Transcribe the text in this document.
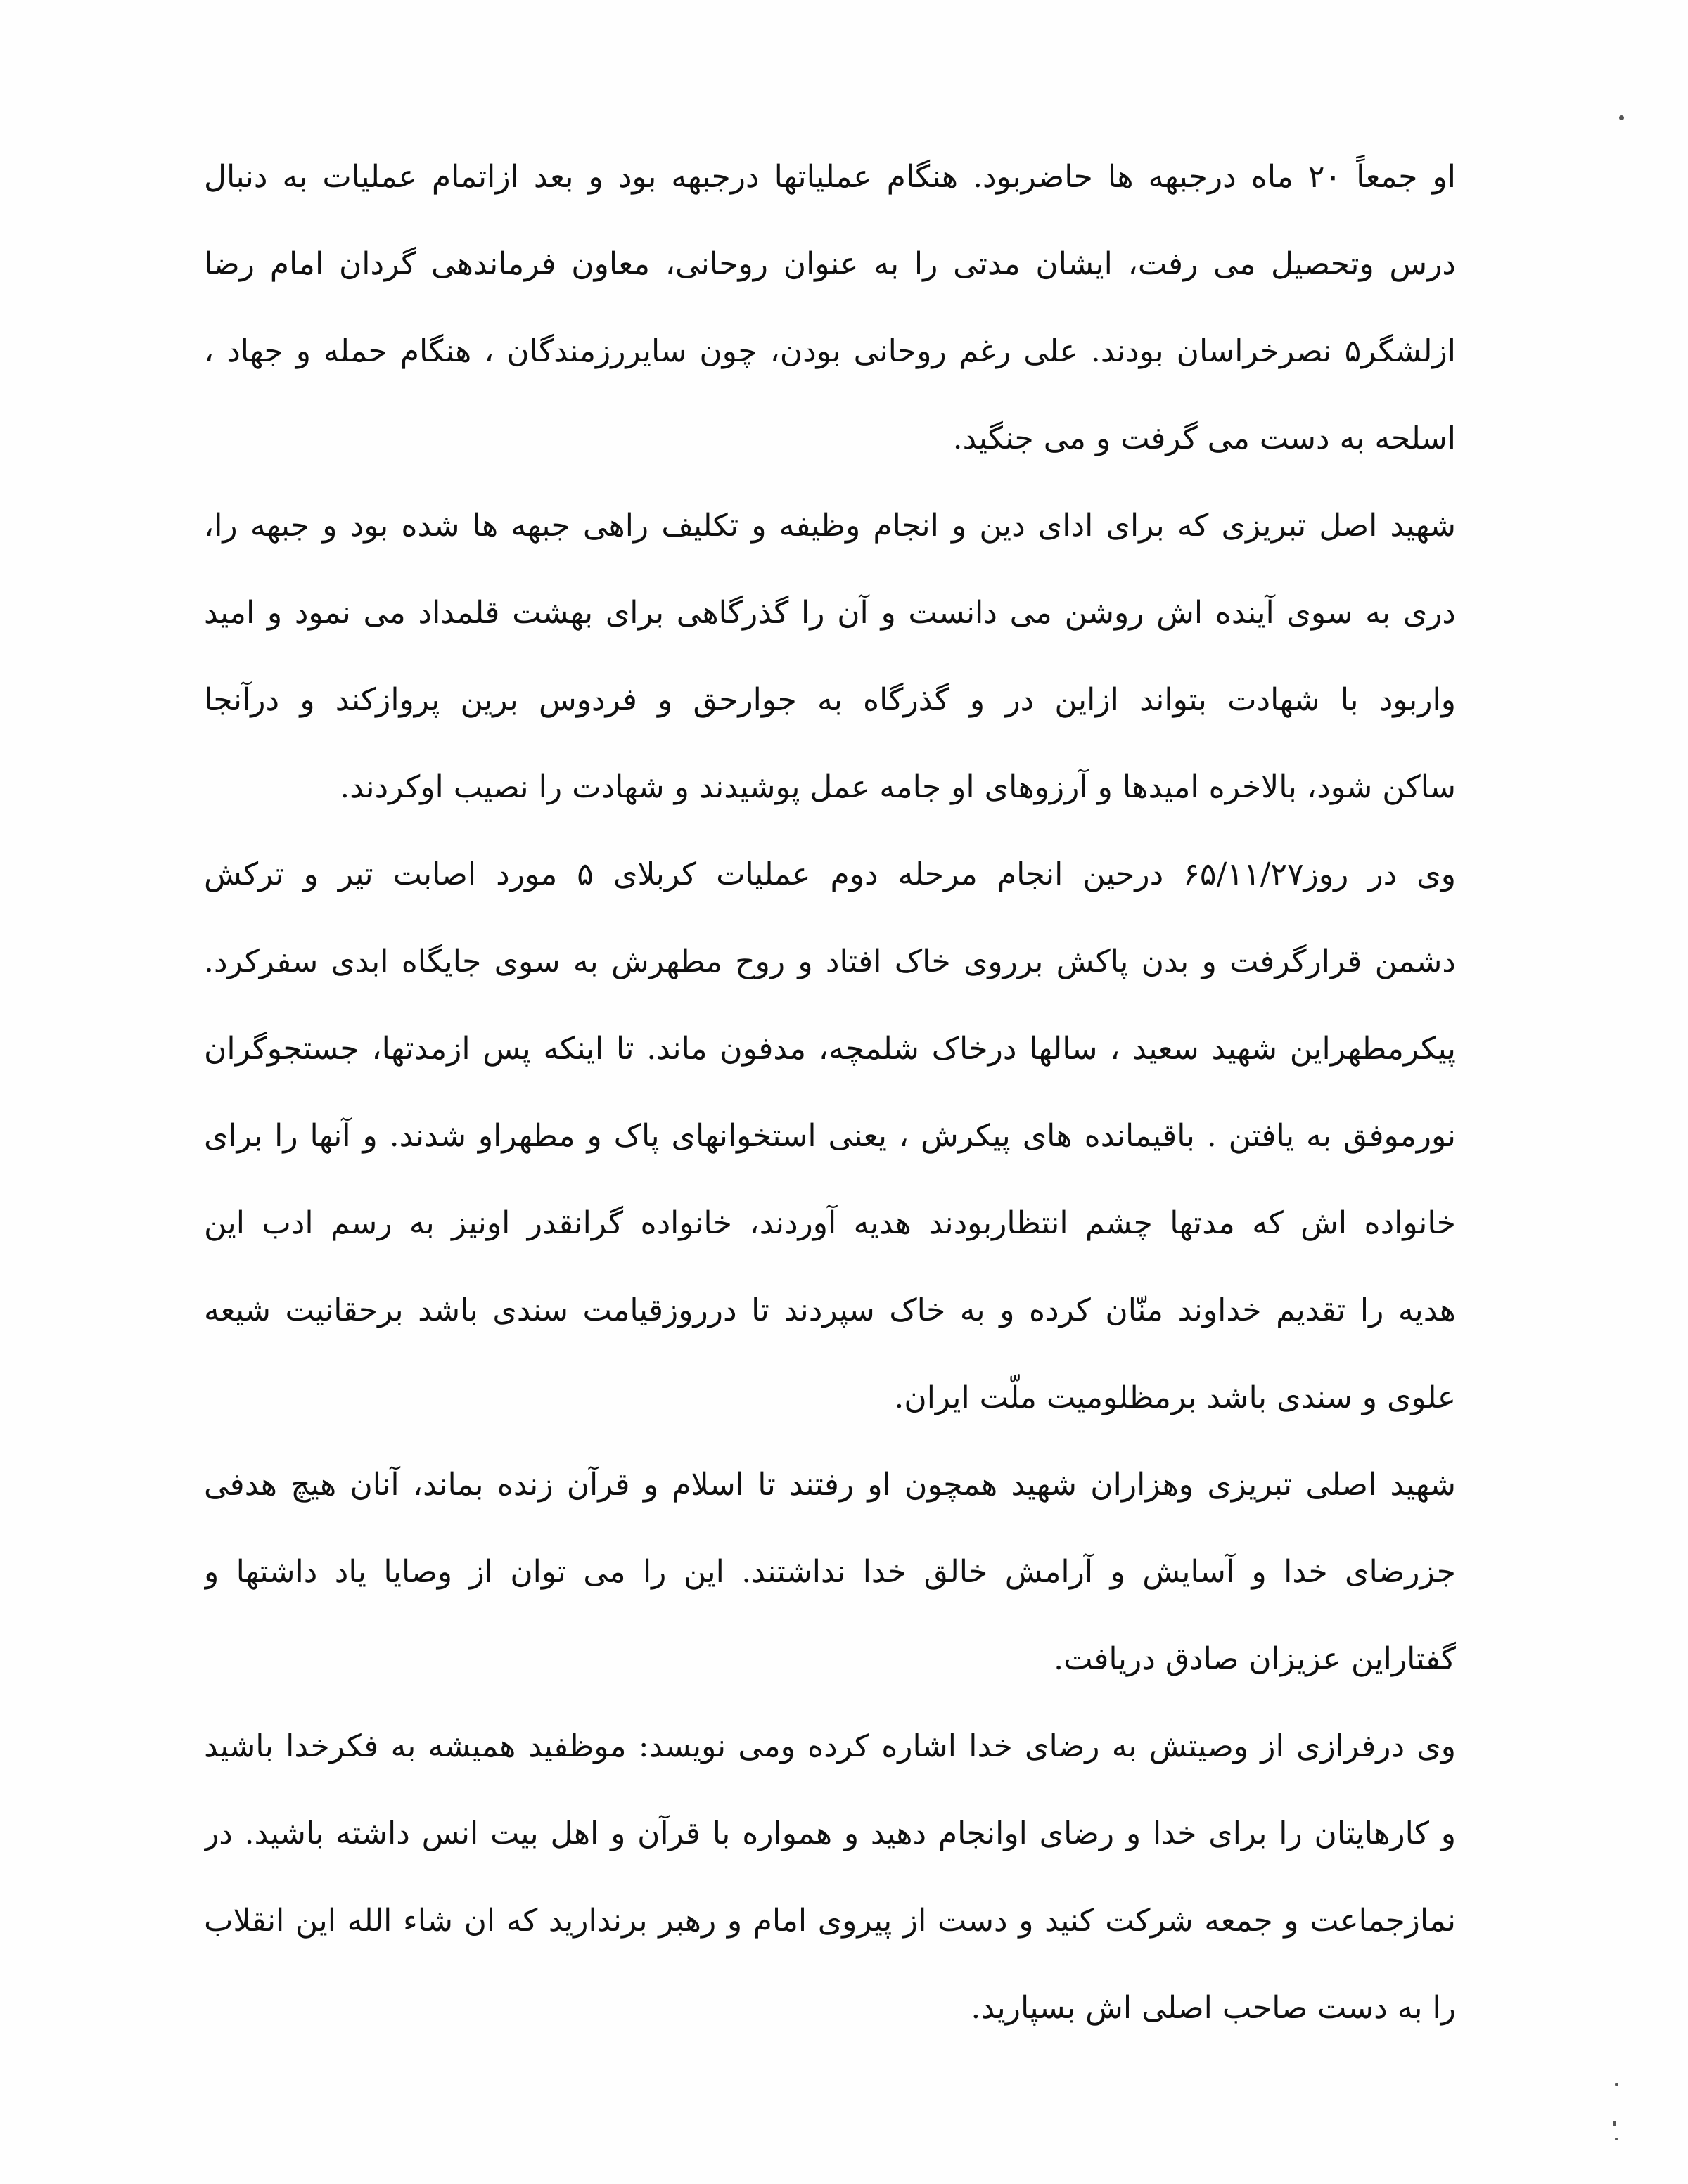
او جمعاً ۲۰ ماه درجبهه ها حاضربود. هنگام عملیاتها درجبهه بود و بعد ازاتمام عملیات به دنبال
درس وتحصیل می رفت، ایشان مدتی را به عنوان روحانی، معاون فرماندهی گردان امام رضا
ازلشگر۵ نصرخراسان بودند. علی رغم روحانی بودن، چون سایررزمندگان ، هنگام حمله و جهاد ،
اسلحه به دست می گرفت و می جنگید.
شهید اصل تبریزی که برای ادای دین و انجام وظیفه و تکلیف راهی جبهه ها شده بود و جبهه را،
دری به سوی آینده اش روشن می دانست و آن را گذرگاهی برای بهشت قلمداد می نمود و امید
واربود با شهادت بتواند ازاین در و گذرگاه به جوارحق و فردوس برین پروازکند و درآنجا
ساکن شود، بالاخره امیدها و آرزوهای او جامه عمل پوشیدند و شهادت را نصیب اوکردند.
وی در روز۶۵/۱۱/۲۷ درحین انجام مرحله دوم عملیات کربلای ۵ مورد اصابت تیر و ترکش
دشمن قرارگرفت و بدن پاکش برروی خاک افتاد و روح مطهرش به سوی جایگاه ابدی سفرکرد.
پیکرمطهراین شهید سعید ، سالها درخاک شلمچه، مدفون ماند. تا اینکه پس ازمدتها، جستجوگران
نورموفق به یافتن . باقیمانده های پیکرش ، یعنی استخوانهای پاک و مطهراو شدند. و آنها را برای
خانواده اش که مدتها چشم انتظاربودند هدیه آوردند، خانواده گرانقدر اونیز به رسم ادب این
هدیه را تقدیم خداوند منّان کرده و به خاک سپردند تا درروزقیامت سندی باشد برحقانیت شیعه
علوی و سندی باشد برمظلومیت ملّت ایران.
شهید اصلی تبریزی وهزاران شهید همچون او رفتند تا اسلام و قرآن زنده بماند، آنان هیچ هدفی
جزرضای خدا و آسایش و آرامش خالق خدا نداشتند. این را می توان از وصایا یاد داشتها و
گفتاراین عزیزان صادق دریافت.
وی درفرازی از وصیتش به رضای خدا اشاره کرده ومی نویسد: موظفید همیشه به فکرخدا باشید
و کارهایتان را برای خدا و رضای اوانجام دهید و همواره با قرآن و اهل بیت انس داشته باشید. در
نمازجماعت و جمعه شرکت کنید و دست از پیروی امام و رهبر برندارید که ان شاء الله این انقلاب
را به دست صاحب اصلی اش بسپارید.
